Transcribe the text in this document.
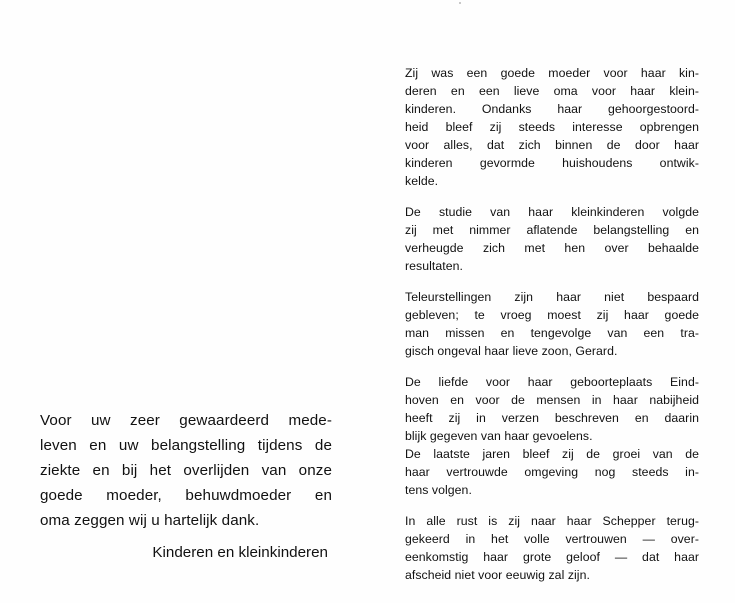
Voor uw zeer gewaardeerd mede-
leven en uw belangstelling tijdens de
ziekte en bij het overlijden van onze
goede moeder, behuwdmoeder en
oma zeggen wij u hartelijk dank.
Kinderen en kleinkinderen
Zij was een goede moeder voor haar kin-
deren en een lieve oma voor haar klein-
kinderen. Ondanks haar gehoorgestoord-
heid bleef zij steeds interesse opbrengen
voor alles, dat zich binnen de door haar
kinderen gevormde huishoudens ontwik-
kelde.
De studie van haar kleinkinderen volgde
zij met nimmer aflatende belangstelling en
verheugde zich met hen over behaalde
resultaten.
Teleurstellingen zijn haar niet bespaard
gebleven; te vroeg moest zij haar goede
man missen en tengevolge van een tra-
gisch ongeval haar lieve zoon, Gerard.
De liefde voor haar geboorteplaats Eind-
hoven en voor de mensen in haar nabijheid
heeft zij in verzen beschreven en daarin
blijk gegeven van haar gevoelens.
De laatste jaren bleef zij de groei van de
haar vertrouwde omgeving nog steeds in-
tens volgen.
In alle rust is zij naar haar Schepper terug-
gekeerd in het volle vertrouwen — over-
eenkomstig haar grote geloof — dat haar
afscheid niet voor eeuwig zal zijn.
